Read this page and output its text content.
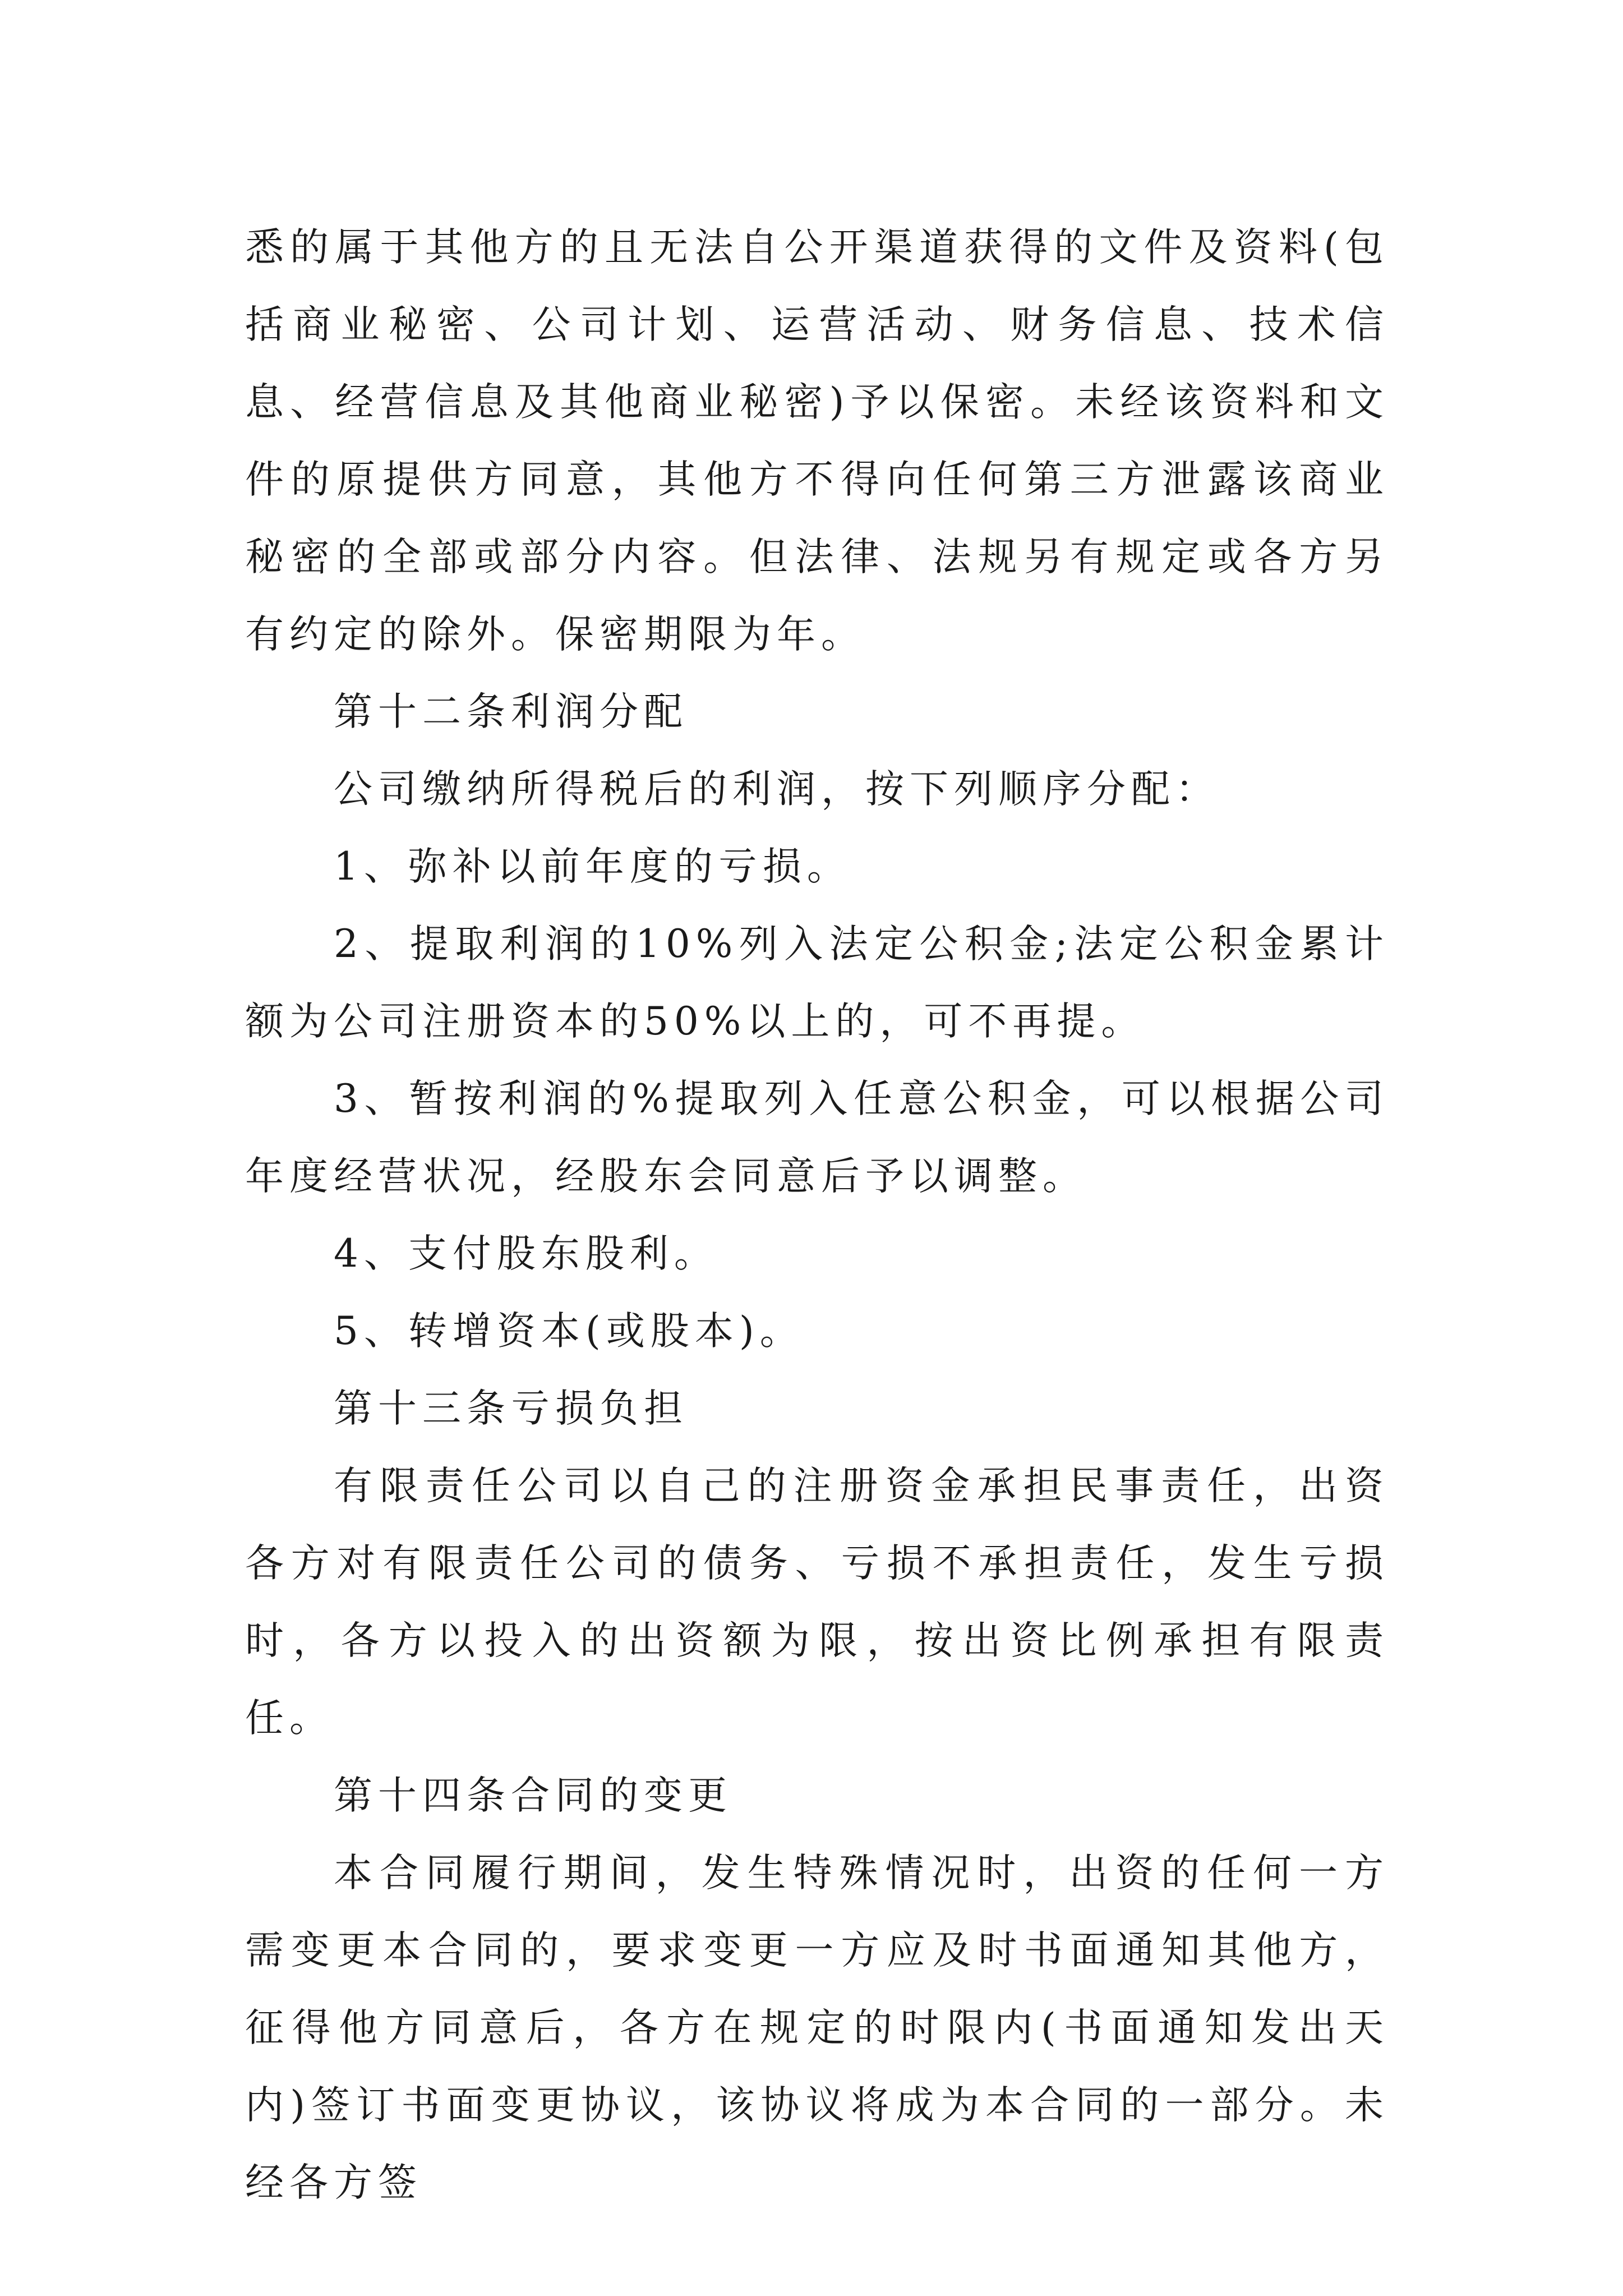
悉的属于其他方的且无法自公开渠道获得的文件及资料(包括商业秘密、公司计划、运营活动、财务信息、技术信息、经营信息及其他商业秘密)予以保密。未经该资料和文件的原提供方同意，其他方不得向任何第三方泄露该商业秘密的全部或部分内容。但法律、法规另有规定或各方另有约定的除外。保密期限为年。

第十二条利润分配

公司缴纳所得税后的利润，按下列顺序分配：

1、弥补以前年度的亏损。

2、提取利润的10%列入法定公积金;法定公积金累计额为公司注册资本的50%以上的，可不再提。

3、暂按利润的%提取列入任意公积金，可以根据公司年度经营状况，经股东会同意后予以调整。

4、支付股东股利。

5、转增资本(或股本)。

第十三条亏损负担

有限责任公司以自己的注册资金承担民事责任，出资各方对有限责任公司的债务、亏损不承担责任，发生亏损时，各方以投入的出资额为限，按出资比例承担有限责任。

第十四条合同的变更

本合同履行期间，发生特殊情况时，出资的任何一方需变更本合同的，要求变更一方应及时书面通知其他方，征得他方同意后，各方在规定的时限内(书面通知发出天内)签订书面变更协议，该协议将成为本合同的一部分。未经各方签
